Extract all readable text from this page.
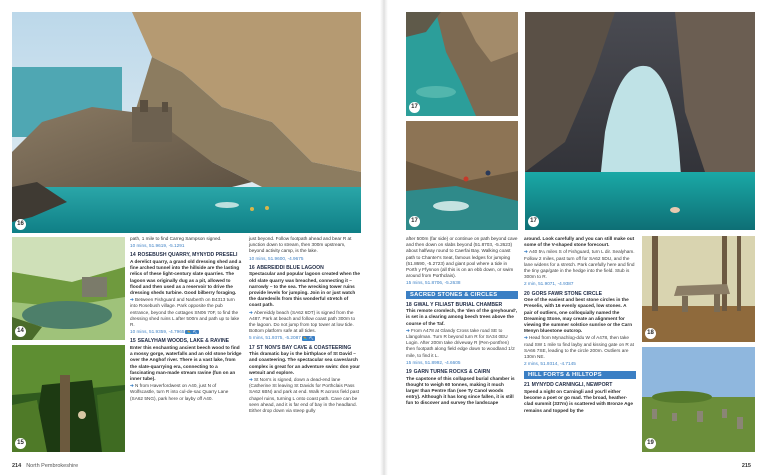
16
14
15

path, 1 mile to find Carreg Sampson signed.

10 mins, 51.9619, -5.1291

14 ROSEBUSH QUARRY, MYNYDD PRESELI

A derelict quarry, a grand old dressing shed and a fine arched tunnel into the hillside are the lasting relics of these light-century slate quarries. The lagoon was originally dug as a pit, allowed to flood and then used as a reservoir to drive the dressing sheds turbine. Good bilberry foraging.

➔Between Fishguard and Narberth on B4313 turn into Rosebush village. Park opposite the pub entrance, beyond the cottages SN06 70F, to find the dressing shed ruins L after 500m and path up to lake R.

10 mins, 51.9359, -4.7965 🏊 ⛏

15 SEALYHAM WOODS, LAKE & RAVINE

Enter this enchanting ancient beech wood to find a mossy gorge, waterfalls and an old stone bridge over the Anghof river. There is a vast lake, from the slate-quarrying era, connecting to a fascinating man-made stream ravine (fun on an inner tube).

➔N from Haverfordwest on A40, just N of Wolfscastle, turn R into cul-de-sac Quarry Lane (SA62 5NG), park here or layby off A40.

just beyond. Follow footpath ahead and bear R at junction down to stream, then 300m upstream, beyond activity camp, is the lake.

10 mins, 51.9600, -4.9675

16 ABEREIDDI BLUE LAGOON

Spectacular and popular lagoon created when the old slate quarry was breached, connecting it – narrowly – to the sea. The wrecking tower ruins provide levels for jumping. Join in or just watch the daredevils from this wonderful stretch of coast path.

➔Abereiddy beach (SA62 6DT) is signed from the A487. Park at beach and follow coast path 300m to the lagoon. Do not jump from top tower at low tide. Bottom platform safe at all tides.

5 mins, 51.9375, -5.2087 🏊 ⛏

17 ST NON'S BAY CAVE & COASTEERING

This dramatic bay is the birthplace of St David – and coasteering. The spectacular sea caves/arch complex is great for an adventure swim: don your wetsuit and explore.

➔St Non's is signed, down a dead-end lane (Catherine St leaving St Davids for Porthclais Pass SA62 6BN) and park at end. Walk R across field past chapel ruins, turning L onto coast path. Cave can be seen ahead, and it is far end of bay in the headland. Either drop down via steep gully

214 North Pembrokeshire
17
17	17
18
19

after 500m (far side) or continue on path beyond cave and then down on slabs beyond (51.8703, -5.2623) about halfway round to Caerfai Bay. Walking coast path to Chanter's Seat, famous ledges for jumping (51.8690, -5.2723) and giant pool where a tide in Porth y Ffynnon (all this is on an ebb down, or swim around from Porthclais).

15 mins, 51.8706, -5.2638

SACRED STONES & CIRCLES
18 GWAL Y FILIAST BURIAL CHAMBER

This remote cromlech, the 'den of the greyhound', is set in a clearing among beech trees above the course of the Taf.

➔From A478 at Glandy Cross take road SE to Llangolman. Turn R beyond turn R for SA34 0EU Login. After 200m take driveway R (Pen-pontfren) then footpath along field edge down to woodland 1/2 mile, to find it L.

15 mins, 51.8992, -4.6605

19 GARN TURNE ROCKS & CAIRN

The capstone of this collapsed burial chamber is thought to weigh 60 tonnes, making it much larger than Pentre Ifan (see Ty Canol woods entry). Although it has long since fallen, it is still fun to discover and survey the landscape

around. Look carefully and you can still make out some of the V-shaped stone forecourt.

➔A40 5¼ miles S of Fishguard, turn L dir. Sealyham. Follow 2 miles, past turn off for SA62 5DU, and the lane widens for a stretch. Park carefully here and find the tiny gap/gate in the hedge into the field. Stub is 300m to R.

2 min, 51.9071, -4.9387

20 GORS FAWR STONE CIRCLE

One of the easiest and best stone circles in the Preselis, with 16 evenly spaced, low stones. A pair of outliers, one colloquially named the Dreaming Stone, may create an alignment for viewing the summer solstice sunrise or the Carn Menyn bluestone outcrop.

➔Head from Mynachlog-ddu W of A478, then take road SW 1 mile to find layby and kissing gate on R at SA66 7SE, leading to the circle 200m. Outliers are 130m NE.

2 mins, 51.9314, -4.7145

HILL FORTS & HILLTOPS
21 MYNYDD CARNINGLI, NEWPORT

Spend a night on Carningli and you'll either become a poet or go mad. The broad, heather-clad summit (337m) is scattered with Bronze Age remains and topped by the

215
